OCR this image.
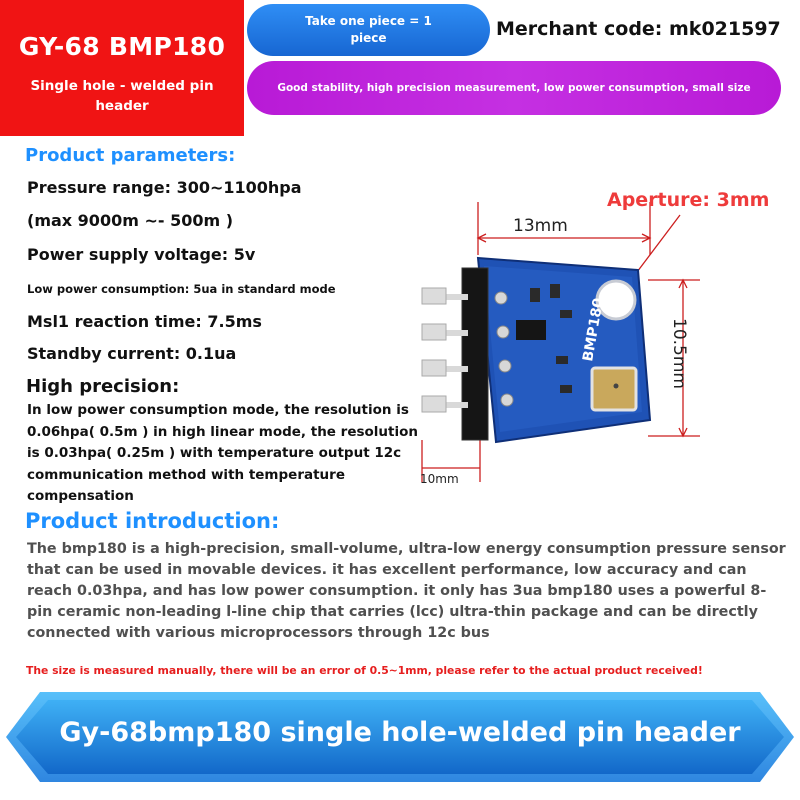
GY-68 BMP180
Single hole - welded pin header
Take one piece = 1 piece	Merchant code: mk021597
Good stability, high precision measurement, low power consumption, small size
Product parameters:
Pressure range: 300~1100hpa
(max 9000m ~- 500m )
Power supply voltage: 5v
Low power consumption: 5ua in standard mode
Msl1 reaction time: 7.5ms
Standby current: 0.1ua
High precision:
In low power consumption mode, the resolution is 0.06hpa( 0.5m ) in high linear mode, the resolution is 0.03hpa( 0.25m ) with temperature output 12c communication method with temperature compensation
13mm
10.5mm
10mm
BMP180
Aperture: 3mm
Product introduction:
The bmp180 is a high-precision, small-volume, ultra-low energy consumption pressure sensor that can be used in movable devices. it has excellent performance, low accuracy and can reach 0.03hpa, and has low power consumption. it only has 3ua bmp180 uses a powerful 8-pin ceramic non-leading l-line chip that carries (lcc) ultra-thin package and can be directly connected with various microprocessors through 12c bus
The size is measured manually, there will be an error of 0.5~1mm, please refer to the actual product received!
Gy-68bmp180 single hole-welded pin header
